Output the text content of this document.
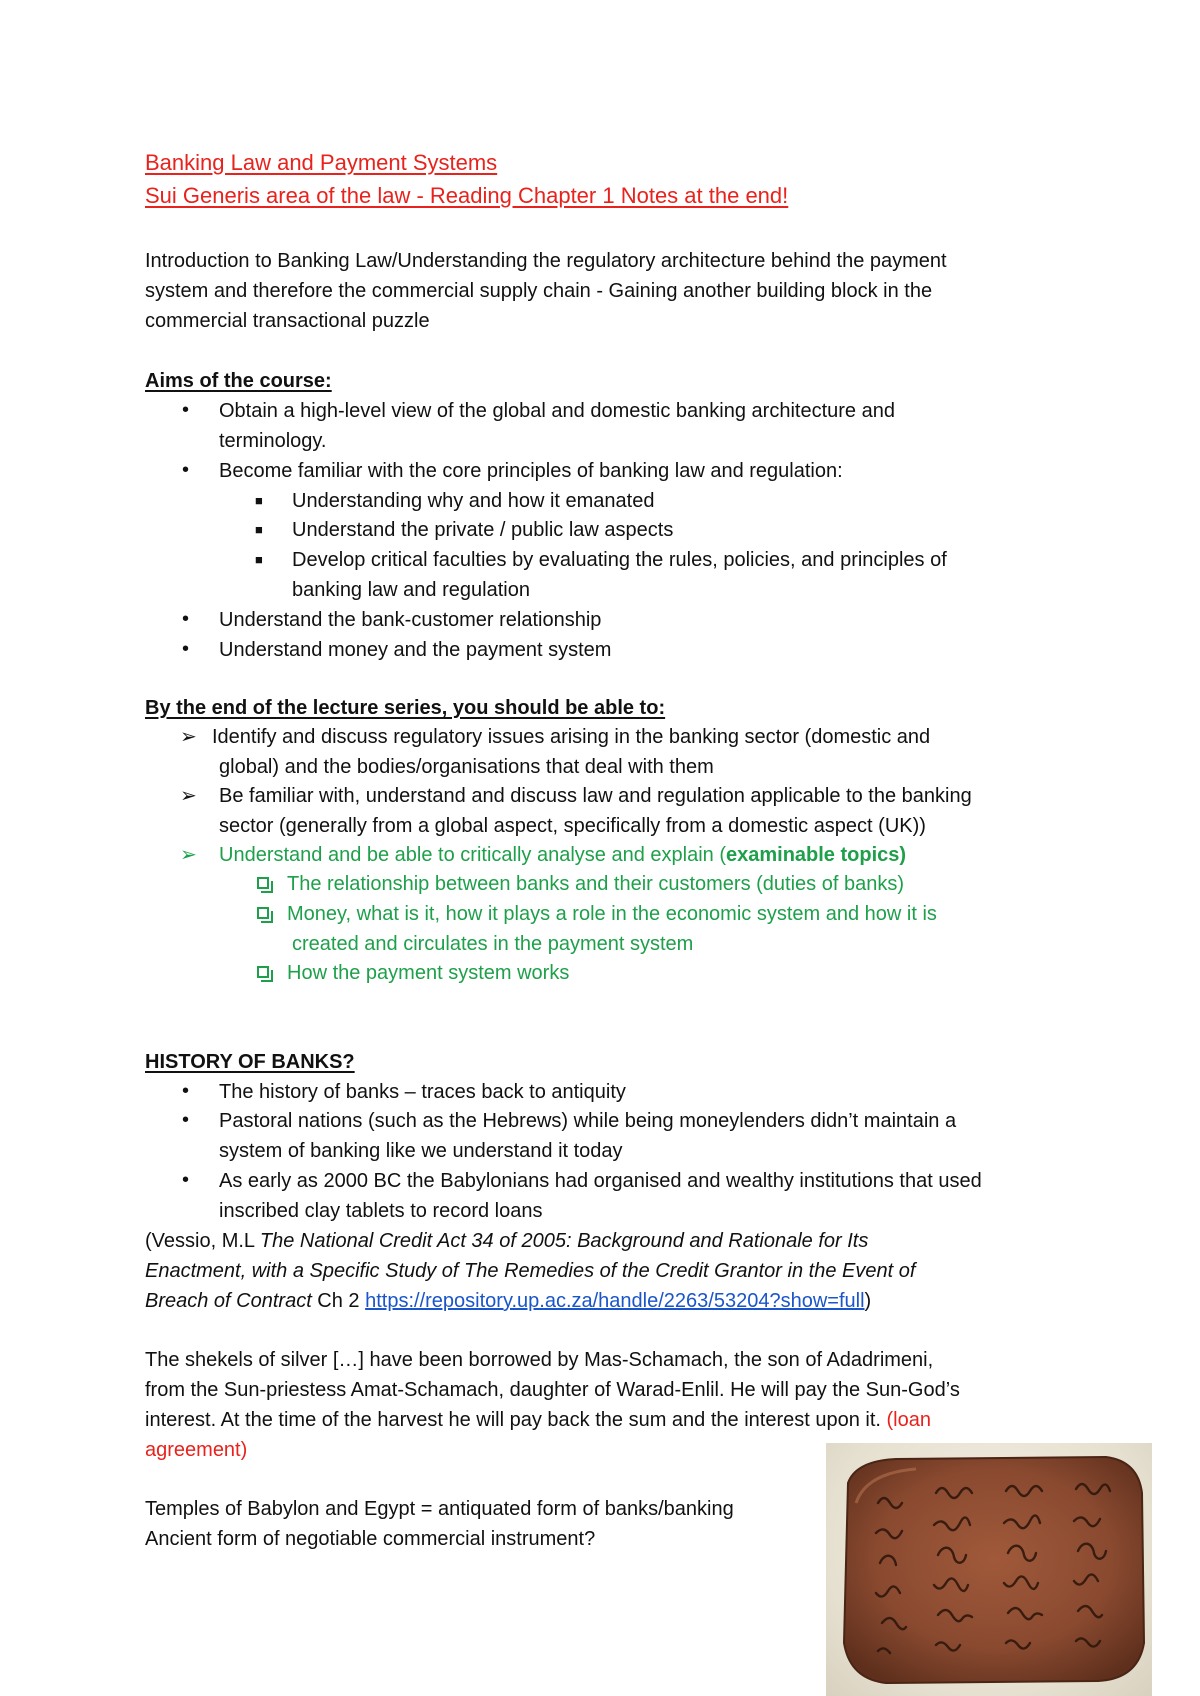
Banking Law and Payment Systems
Sui Generis area of the law - Reading Chapter 1 Notes at the end!
Introduction to Banking Law/Understanding the regulatory architecture behind the payment
system and therefore the commercial supply chain - Gaining another building block in the
commercial transactional puzzle
Aims of the course:
• Obtain a high-level view of the global and domestic banking architecture and
terminology.
• Become familiar with the core principles of banking law and regulation:
■ Understanding why and how it emanated
■ Understand the private / public law aspects
■ Develop critical faculties by evaluating the rules, policies, and principles of
banking law and regulation
• Understand the bank-customer relationship
• Understand money and the payment system
By the end of the lecture series, you should be able to:
➢ Identify and discuss regulatory issues arising in the banking sector (domestic and
global) and the bodies/organisations that deal with them
➢ Be familiar with, understand and discuss law and regulation applicable to the banking
sector (generally from a global aspect, specifically from a domestic aspect (UK))
➢ Understand and be able to critically analyse and explain (examinable topics)
The relationship between banks and their customers (duties of banks)
Money, what is it, how it plays a role in the economic system and how it is
created and circulates in the payment system
How the payment system works
HISTORY OF BANKS?
• The history of banks – traces back to antiquity
• Pastoral nations (such as the Hebrews) while being moneylenders didn’t maintain a
system of banking like we understand it today
• As early as 2000 BC the Babylonians had organised and wealthy institutions that used
inscribed clay tablets to record loans
(Vessio, M.L The National Credit Act 34 of 2005: Background and Rationale for Its
Enactment, with a Specific Study of The Remedies of the Credit Grantor in the Event of
Breach of Contract Ch 2 https://repository.up.ac.za/handle/2263/53204?show=full)
The shekels of silver […] have been borrowed by Mas-Schamach, the son of Adadrimeni,
from the Sun-priestess Amat-Schamach, daughter of Warad-Enlil. He will pay the Sun-God’s
interest. At the time of the harvest he will pay back the sum and the interest upon it. (loan
agreement)
Temples of Babylon and Egypt = antiquated form of banks/banking
Ancient form of negotiable commercial instrument?
